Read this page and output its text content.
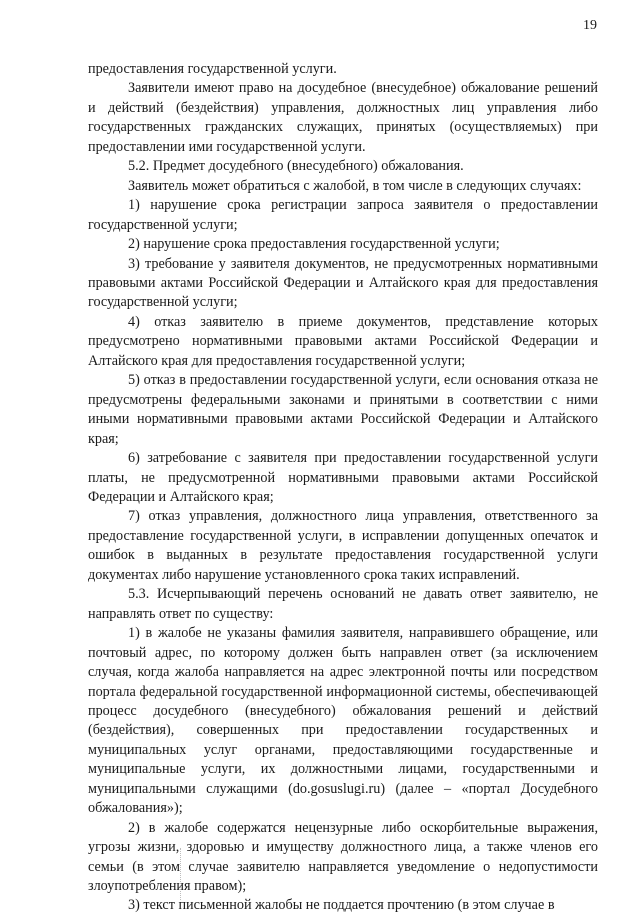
19

предоставления государственной услуги.

Заявители имеют право на досудебное (внесудебное) обжалование решений и действий (бездействия) управления, должностных лиц управления либо государственных гражданских служащих, принятых (осуществляемых) при предоставлении ими государственной услуги.

5.2. Предмет досудебного (внесудебного) обжалования.

Заявитель может обратиться с жалобой, в том числе в следующих случаях:

1) нарушение срока регистрации запроса заявителя о предоставлении государственной услуги;

2) нарушение срока предоставления государственной услуги;

3) требование у заявителя документов, не предусмотренных нормативными правовыми актами Российской Федерации и Алтайского края для предоставления государственной услуги;

4) отказ заявителю в приеме документов, представление которых предусмотрено нормативными правовыми актами Российской Федерации и Алтайского края для предоставления государственной услуги;

5) отказ в предоставлении государственной услуги, если основания отказа не предусмотрены федеральными законами и принятыми в соответствии с ними иными нормативными правовыми актами Российской Федерации и Алтайского края;

6) затребование с заявителя при предоставлении государственной услуги платы, не предусмотренной нормативными правовыми актами Российской Федерации и Алтайского края;

7) отказ управления, должностного лица управления, ответственного за предоставление государственной услуги, в исправлении допущенных опечаток и ошибок в выданных в результате предоставления государственной услуги документах либо нарушение установленного срока таких исправлений.

5.3. Исчерпывающий перечень оснований не давать ответ заявителю, не направлять ответ по существу:

1) в жалобе не указаны фамилия заявителя, направившего обращение, или почтовый адрес, по которому должен быть направлен ответ (за исключением случая, когда жалоба направляется на адрес электронной почты или посредством портала федеральной государственной информационной системы, обеспечивающей процесс досудебного (внесудебного) обжалования решений и действий (бездействия), совершенных при предоставлении государственных и муниципальных услуг органами, предоставляющими государственные и муниципальные услуги, их должностными лицами, государственными и муниципальными служащими (do.gosuslugi.ru) (далее – «портал Досудебного обжалования»);

2) в жалобе содержатся нецензурные либо оскорбительные выражения, угрозы жизни, здоровью и имуществу должностного лица, а также членов его семьи (в этом случае заявителю направляется уведомление о недопустимости злоупотребления правом);

3) текст письменной жалобы не поддается прочтению (в этом случае в
